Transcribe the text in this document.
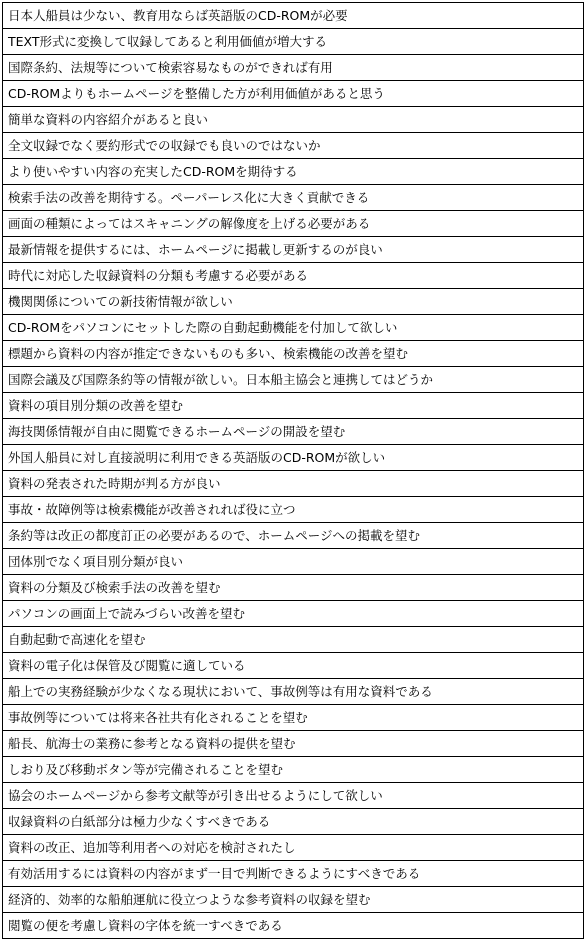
日本人船員は少ない、教育用ならば英語版のCD-ROMが必要
TEXT形式に変換して収録してあると利用価値が増大する
国際条約、法規等について検索容易なものができれば有用
CD-ROMよりもホームページを整備した方が利用価値があると思う
簡単な資料の内容紹介があると良い
全文収録でなく要約形式での収録でも良いのではないか
より使いやすい内容の充実したCD-ROMを期待する
検索手法の改善を期待する。ペーパーレス化に大きく貢献できる
画面の種類によってはスキャニングの解像度を上げる必要がある
最新情報を提供するには、ホームページに掲載し更新するのが良い
時代に対応した収録資料の分類も考慮する必要がある
機関関係についての新技術情報が欲しい
CD-ROMをパソコンにセットした際の自動起動機能を付加して欲しい
標題から資料の内容が推定できないものも多い、検索機能の改善を望む
国際会議及び国際条約等の情報が欲しい。日本船主協会と連携してはどうか
資料の項目別分類の改善を望む
海技関係情報が自由に閲覧できるホームページの開設を望む
外国人船員に対し直接説明に利用できる英語版のCD-ROMが欲しい
資料の発表された時期が判る方が良い
事故・故障例等は検索機能が改善されれば役に立つ
条約等は改正の都度訂正の必要があるので、ホームページへの掲載を望む
団体別でなく項目別分類が良い
資料の分類及び検索手法の改善を望む
パソコンの画面上で読みづらい改善を望む
自動起動で高速化を望む
資料の電子化は保管及び閲覧に適している
船上での実務経験が少なくなる現状において、事故例等は有用な資料である
事故例等については将来各社共有化されることを望む
船長、航海士の業務に参考となる資料の提供を望む
しおり及び移動ボタン等が完備されることを望む
協会のホームページから参考文献等が引き出せるようにして欲しい
収録資料の白紙部分は極力少なくすべきである
資料の改正、追加等利用者への対応を検討されたし
有効活用するには資料の内容がまず一目で判断できるようにすべきである
経済的、効率的な船舶運航に役立つような参考資料の収録を望む
閲覧の便を考慮し資料の字体を統一すべきである
